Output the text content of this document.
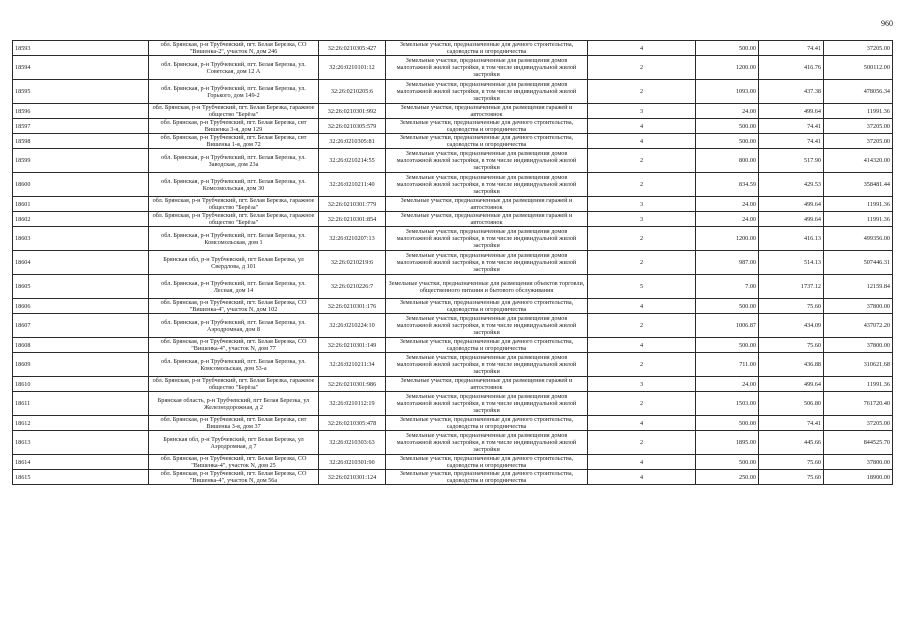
960
18593	обл. Брянская, р-н Трубчевский, пгт. Белая Березка, СО "Вишенка-2", участок N, дом 246	32:26:0210305:427	Земельные участки, предназначенные для дачного строительства, садоводства и огородничества	4	500.00	74.41	37205.00
18594	обл. Брянская, р-н Трубчевский, пгт. Белая Березка, ул. Советская, дом 12 А	32:26:0210101:12	Земельные участки, предназначенные для размещения домов малоэтажной жилой застройки, в том числе индивидуальной жилой застройки	2	1200.00	416.76	500112.00
18595	обл. Брянская, р-н Трубчевский, пгт. Белая Березка, ул. Горького, дом 149-2	32:26:0210205:6	Земельные участки, предназначенные для размещения домов малоэтажной жилой застройки, в том числе индивидуальной жилой застройки	2	1093.00	437.38	478056.34
18596	обл. Брянская, р-н Трубчевский, пгт. Белая Березка, гаражное общество "Берёза"	32:26:0210301:992	Земельные участки, предназначенные для размещения гаражей и автостоянок	3	24.00	499.64	11991.36
18597	обл. Брянская, р-н Трубчевский, пгт. Белая Березка, снт Вишенка 3-я, дом 129	32:26:0210305:579	Земельные участки, предназначенные для дачного строительства, садоводства и огородничества	4	500.00	74.41	37205.00
18598	обл. Брянская, р-н Трубчевский, пгт. Белая Березка, снт Вишенка 1-я, дом 72	32:26:0210305:81	Земельные участки, предназначенные для дачного строительства, садоводства и огородничества	4	500.00	74.41	37205.00
18599	обл. Брянская, р-н Трубчевский, пгт. Белая Березка, ул. Заводская, дом 23а	32:26:0210214:55	Земельные участки, предназначенные для размещения домов малоэтажной жилой застройки, в том числе индивидуальной жилой застройки	2	800.00	517.90	414320.00
18600	обл. Брянская, р-н Трубчевский, пгт. Белая Березка, ул. Комсомольская, дом 30	32:26:0210211:40	Земельные участки, предназначенные для размещения домов малоэтажной жилой застройки, в том числе индивидуальной жилой застройки	2	834.59	429.53	358481.44
18601	обл. Брянская, р-н Трубчевский, пгт. Белая Березка, гаражное общество "Берёза"	32:26:0210301:779	Земельные участки, предназначенные для размещения гаражей и автостоянок	3	24.00	499.64	11991.36
18602	обл. Брянская, р-н Трубчевский, пгт. Белая Березка, гаражное общество "Берёза"	32:26:0210301:854	Земельные участки, предназначенные для размещения гаражей и автостоянок	3	24.00	499.64	11991.36
18603	обл. Брянская, р-н Трубчевский, пгт. Белая Березка, ул. Комсомольская, дом 1	32:26:0210207:13	Земельные участки, предназначенные для размещения домов малоэтажной жилой застройки, в том числе индивидуальной жилой застройки	2	1200.00	416.13	499356.00
18604	Брянская обл, р-н Трубчевский, пгт Белая Березка, ул Свердлова, д 101	32:26:0210219:6	Земельные участки, предназначенные для размещения домов малоэтажной жилой застройки, в том числе индивидуальной жилой застройки	2	987.00	514.13	507446.31
18605	обл. Брянская, р-н Трубчевский, пгт. Белая Березка, ул. Лесная, дом 14	32:26:0210226:7	Земельные участки, предназначенные для размещения объектов торговли, общественного питания и бытового обслуживания	5	7.00	1737.12	12159.84
18606	обл. Брянская, р-н Трубчевский, пгт. Белая Березка, СО "Вишенка-4", участок N, дом 102	32:26:0210301:176	Земельные участки, предназначенные для дачного строительства, садоводства и огородничества	4	500.00	75.60	37800.00
18607	обл. Брянская, р-н Трубчевский, пгт. Белая Березка, ул. Аэродромная, дом 8	32:26:0210224:10	Земельные участки, предназначенные для размещения домов малоэтажной жилой застройки, в том числе индивидуальной жилой застройки	2	1006.87	434.09	437072.20
18608	обл. Брянская, р-н Трубчевский, пгт. Белая Березка, СО "Вишенка-4", участок N, дом 77	32:26:0210301:149	Земельные участки, предназначенные для дачного строительства, садоводства и огородничества	4	500.00	75.60	37800.00
18609	обл. Брянская, р-н Трубчевский, пгт. Белая Березка, ул. Комсомольская, дом 53-а	32:26:0210211:34	Земельные участки, предназначенные для размещения домов малоэтажной жилой застройки, в том числе индивидуальной жилой застройки	2	711.00	436.88	310621.68
18610	обл. Брянская, р-н Трубчевский, пгт. Белая Березка, гаражное общество "Берёза"	32:26:0210301:986	Земельные участки, предназначенные для размещения гаражей и автостоянок	3	24.00	499.64	11991.36
18611	Брянская область, р-н Трубчевский, пгт Белая Березка, ул Железнодорожная, д 2	32:26:0210112:19	Земельные участки, предназначенные для размещения домов малоэтажной жилой застройки, в том числе индивидуальной жилой застройки	2	1503.00	506.80	761720.40
18612	обл. Брянская, р-н Трубчевский, пгт. Белая Березка, снт Вишенка 3-я, дом 37	32:26:0210305:478	Земельные участки, предназначенные для дачного строительства, садоводства и огородничества	4	500.00	74.41	37205.00
18613	Брянская обл, р-н Трубчевский, пгт Белая Березка, ул Аэродромная, д 7	32:26:0210303:63	Земельные участки, предназначенные для размещения домов малоэтажной жилой застройки, в том числе индивидуальной жилой застройки	2	1895.00	445.66	844525.70
18614	обл. Брянская, р-н Трубчевский, пгт. Белая Березка, СО "Вишенка-4", участок N, дом 25	32:26:0210301:90	Земельные участки, предназначенные для дачного строительства, садоводства и огородничества	4	500.00	75.60	37800.00
18615	обл. Брянская, р-н Трубчевский, пгт. Белая Березка, СО "Вишенка-4", участок N, дом 56а	32:26:0210301:124	Земельные участки, предназначенные для дачного строительства, садоводства и огородничества	4	250.00	75.60	18900.00
